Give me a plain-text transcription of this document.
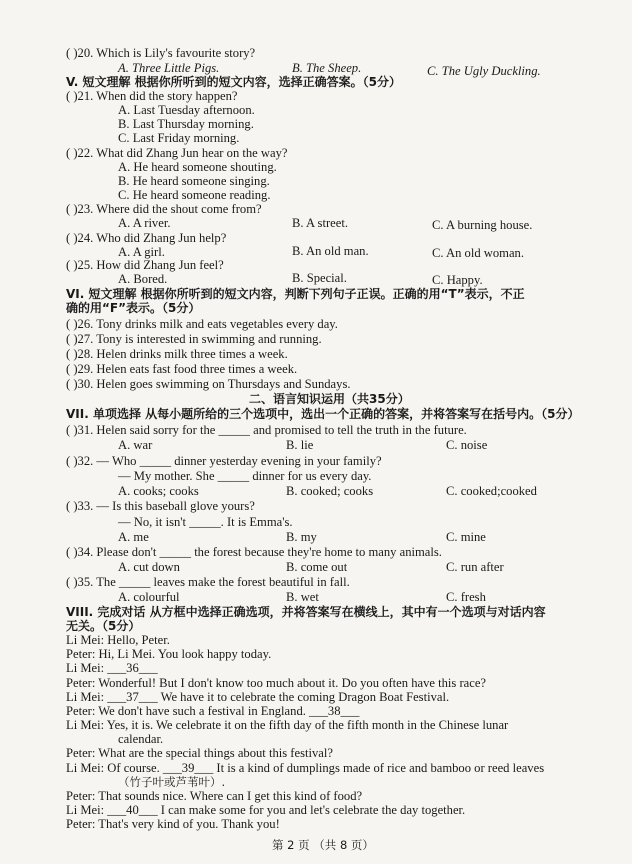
( )20. Which is Lily's favourite story?
A. Three Little Pigs.	B. The Sheep.	C. The Ugly Duckling.
V. 短文理解 根据你所听到的短文内容，选择正确答案。（5分）
( )21. When did the story happen?
A. Last Tuesday afternoon.
B. Last Thursday morning.
C. Last Friday morning.
( )22. What did Zhang Jun hear on the way?
A. He heard someone shouting.
B. He heard someone singing.
C. He heard someone reading.
( )23. Where did the shout come from?
A. A river.	B. A street.	C. A burning house.
( )24. Who did Zhang Jun help?
A. A girl.	B. An old man.	C. An old woman.
( )25. How did Zhang Jun feel?
A. Bored.	B. Special.	C. Happy.
VI. 短文理解 根据你所听到的短文内容，判断下列句子正误。正确的用“T”表示，不正
确的用“F”表示。（5分）
( )26. Tony drinks milk and eats vegetables every day.
( )27. Tony is interested in swimming and running.
( )28. Helen drinks milk three times a week.
( )29. Helen eats fast food three times a week.
( )30. Helen goes swimming on Thursdays and Sundays.
二、语言知识运用（共35分）
VII. 单项选择 从每小题所给的三个选项中，选出一个正确的答案，并将答案写在括号内。（5分）
( )31. Helen said sorry for the _____ and promised to tell the truth in the future.
A. war	B. lie	C. noise
( )32. — Who _____ dinner yesterday evening in your family?
— My mother. She _____ dinner for us every day.
A. cooks; cooks	B. cooked; cooks	C. cooked;cooked
( )33. — Is this baseball glove yours?
— No, it isn't _____. It is Emma's.
A. me	B. my	C. mine
( )34. Please don't _____ the forest because they're home to many animals.
A. cut down	B. come out	C. run after
( )35. The _____ leaves make the forest beautiful in fall.
A. colourful	B. wet	C. fresh
VIII. 完成对话 从方框中选择正确选项，并将答案写在横线上，其中有一个选项与对话内容
无关。（5分）
Li Mei: Hello, Peter.
Peter: Hi, Li Mei. You look happy today.
Li Mei: ___36___
Peter: Wonderful! But I don't know too much about it. Do you often have this race?
Li Mei: ___37___ We have it to celebrate the coming Dragon Boat Festival.
Peter: We don't have such a festival in England. ___38___
Li Mei: Yes, it is. We celebrate it on the fifth day of the fifth month in the Chinese lunar
calendar.
Peter: What are the special things about this festival?
Li Mei: Of course. ___39___ It is a kind of dumplings made of rice and bamboo or reed leaves
（竹子叶或芦苇叶）.
Peter: That sounds nice. Where can I get this kind of food?
Li Mei: ___40___ I can make some for you and let's celebrate the day together.
Peter: That's very kind of you. Thank you!
第 2 页 （共 8 页）
